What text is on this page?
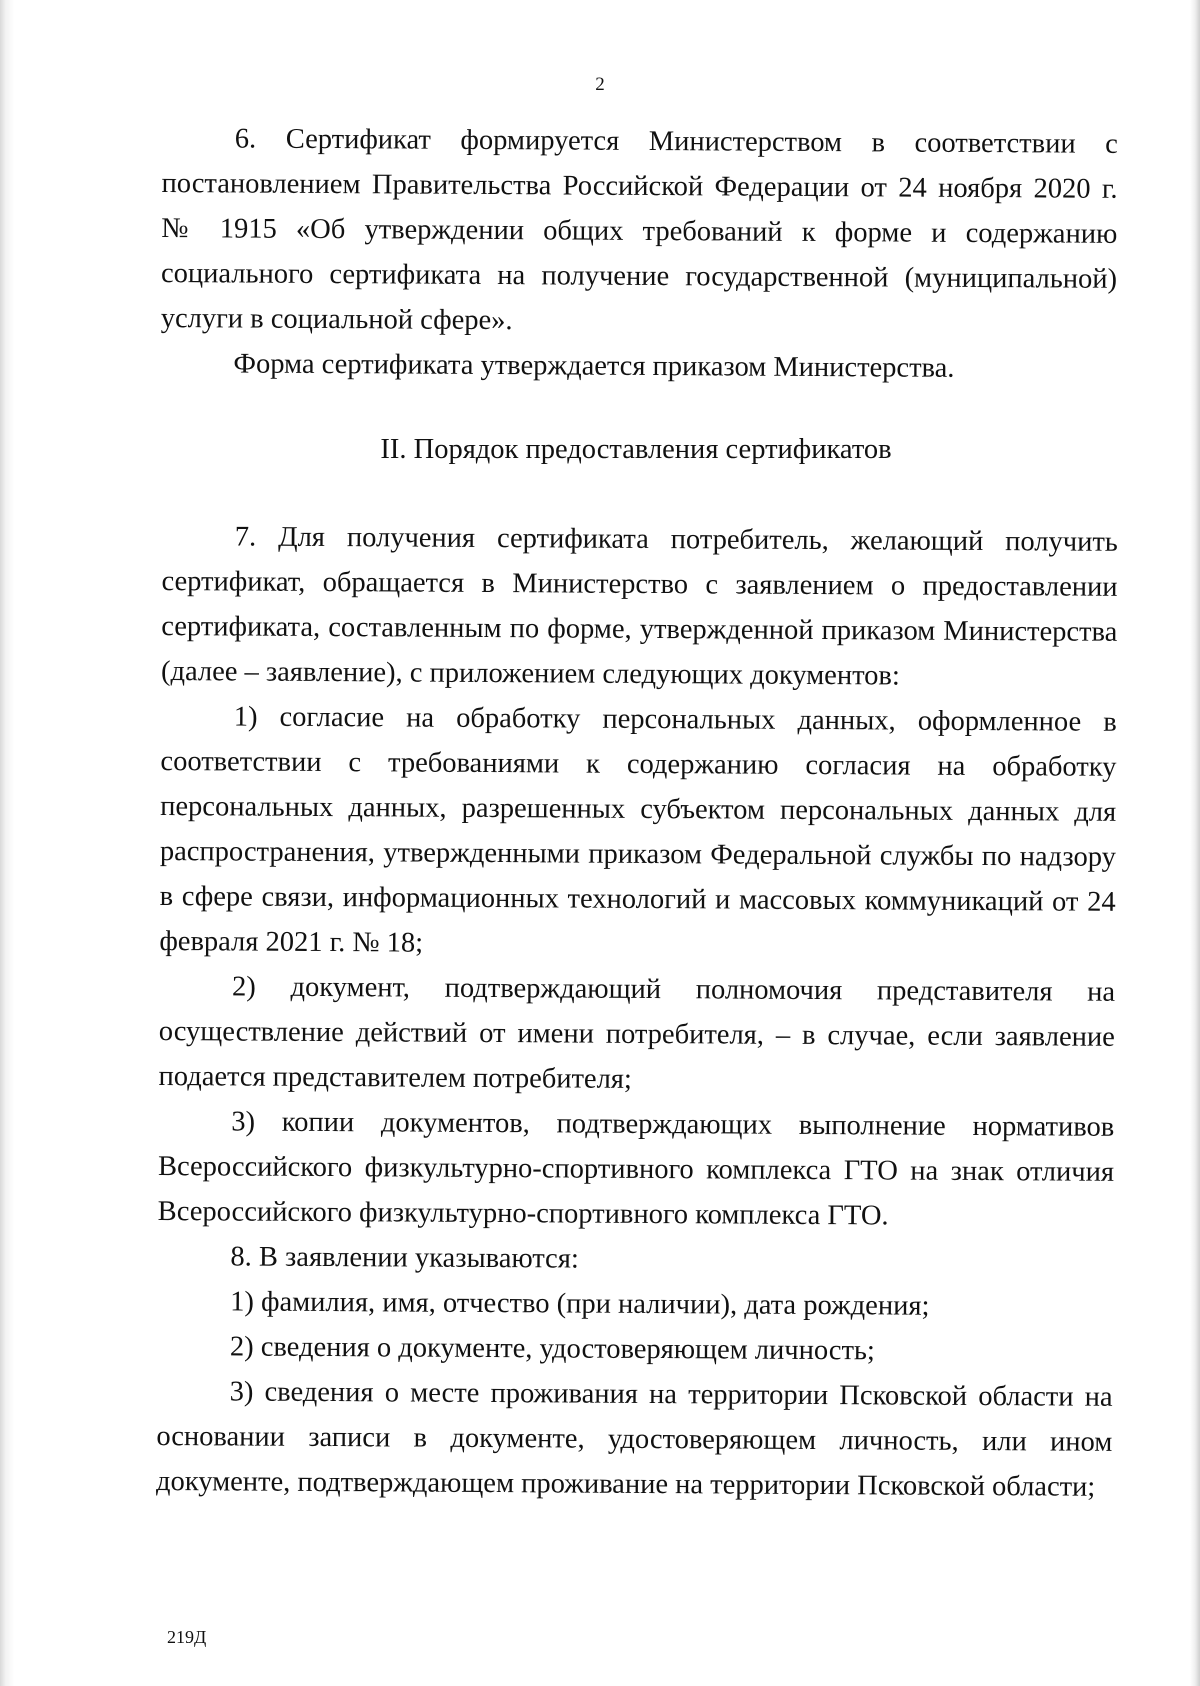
2

6. Сертификат формируется Министерством в соответствии с постановлением Правительства Российской Федерации от 24 ноября 2020 г. № 1915 «Об утверждении общих требований к форме и содержанию социального сертификата на получение государственной (муниципальной) услуги в социальной сфере».

Форма сертификата утверждается приказом Министерства.

II. Порядок предоставления сертификатов

7. Для получения сертификата потребитель, желающий получить сертификат, обращается в Министерство с заявлением о предоставлении сертификата, составленным по форме, утвержденной приказом Министерства (далее – заявление), с приложением следующих документов:

1) согласие на обработку персональных данных, оформленное в соответствии с требованиями к содержанию согласия на обработку персональных данных, разрешенных субъектом персональных данных для распространения, утвержденными приказом Федеральной службы по надзору в сфере связи, информационных технологий и массовых коммуникаций от 24 февраля 2021 г. № 18;

2) документ, подтверждающий полномочия представителя на осуществление действий от имени потребителя, – в случае, если заявление подается представителем потребителя;

3) копии документов, подтверждающих выполнение нормативов Всероссийского физкультурно-спортивного комплекса ГТО на знак отличия Всероссийского физкультурно-спортивного комплекса ГТО.

8. В заявлении указываются:

1) фамилия, имя, отчество (при наличии), дата рождения;

2) сведения о документе, удостоверяющем личность;

3) сведения о месте проживания на территории Псковской области на основании записи в документе, удостоверяющем личность, или ином документе, подтверждающем проживание на территории Псковской области;

219Д
